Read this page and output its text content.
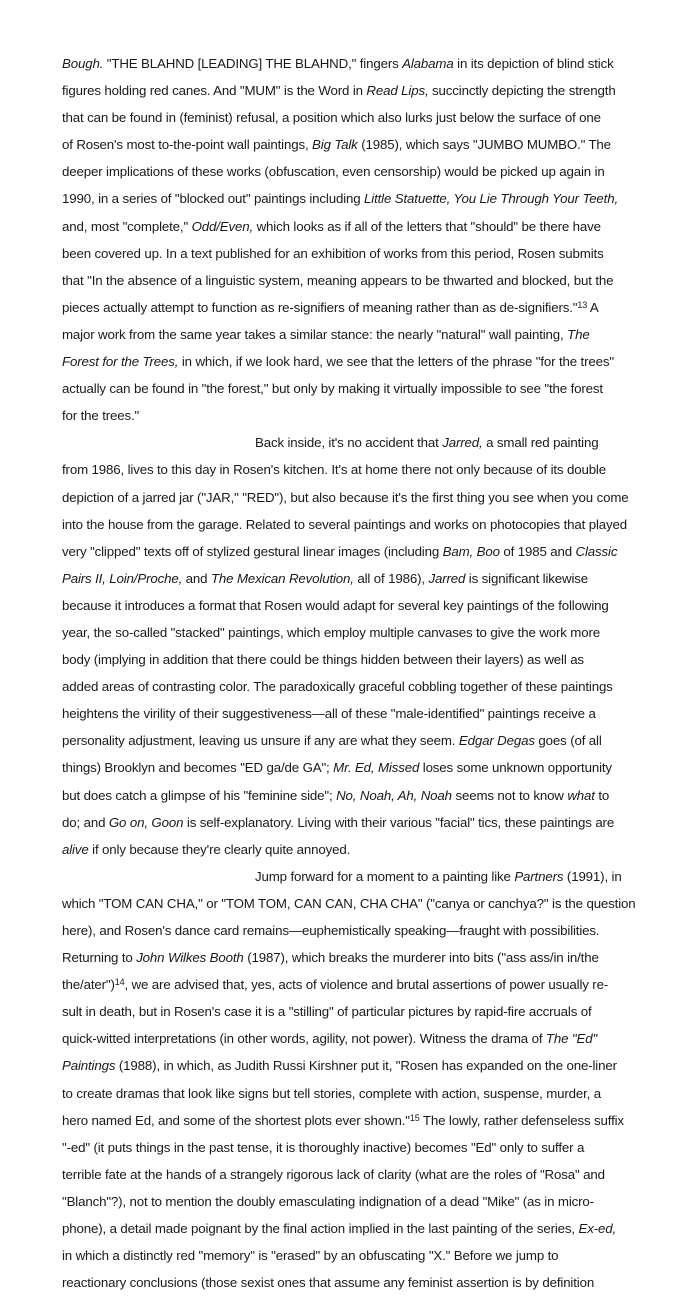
Bough. "THE BLAHND [LEADING] THE BLAHND," fingers Alabama in its depiction of blind stick
figures holding red canes. And "MUM" is the Word in Read Lips, succinctly depicting the strength
that can be found in (feminist) refusal, a position which also lurks just below the surface of one
of Rosen's most to-the-point wall paintings, Big Talk (1985), which says "JUMBO MUMBO." The
deeper implications of these works (obfuscation, even censorship) would be picked up again in
1990, in a series of "blocked out" paintings including Little Statuette, You Lie Through Your Teeth,
and, most "complete," Odd/Even, which looks as if all of the letters that "should" be there have
been covered up. In a text published for an exhibition of works from this period, Rosen submits
that "In the absence of a linguistic system, meaning appears to be thwarted and blocked, but the
pieces actually attempt to function as re-signifiers of meaning rather than as de-signifiers."$^{13}$ A
major work from the same year takes a similar stance: the nearly "natural" wall painting, The
Forest for the Trees, in which, if we look hard, we see that the letters of the phrase "for the trees"
actually can be found in "the forest," but only by making it virtually impossible to see "the forest
for the trees."
Back inside, it's no accident that Jarred, a small red painting
from 1986, lives to this day in Rosen's kitchen. It's at home there not only because of its double
depiction of a jarred jar ("JAR," "RED"), but also because it's the first thing you see when you come
into the house from the garage. Related to several paintings and works on photocopies that played
very "clipped" texts off of stylized gestural linear images (including Bam, Boo of 1985 and Classic
Pairs II, Loin/Proche, and The Mexican Revolution, all of 1986), Jarred is significant likewise
because it introduces a format that Rosen would adapt for several key paintings of the following
year, the so-called "stacked" paintings, which employ multiple canvases to give the work more
body (implying in addition that there could be things hidden between their layers) as well as
added areas of contrasting color. The paradoxically graceful cobbling together of these paintings
heightens the virility of their suggestiveness—all of these "male-identified" paintings receive a
personality adjustment, leaving us unsure if any are what they seem. Edgar Degas goes (of all
things) Brooklyn and becomes "ED ga/de GA"; Mr. Ed, Missed loses some unknown opportunity
but does catch a glimpse of his "feminine side"; No, Noah, Ah, Noah seems not to know what to
do; and Go on, Goon is self-explanatory. Living with their various "facial" tics, these paintings are
alive if only because they're clearly quite annoyed.
Jump forward for a moment to a painting like Partners (1991), in
which "TOM CAN CHA," or "TOM TOM, CAN CAN, CHA CHA" ("canya or canchya?" is the question
here), and Rosen's dance card remains—euphemistically speaking—fraught with possibilities.
Returning to John Wilkes Booth (1987), which breaks the murderer into bits ("ass ass/in in/the
the/ater")$^{14}$, we are advised that, yes, acts of violence and brutal assertions of power usually re-
sult in death, but in Rosen's case it is a "stilling" of particular pictures by rapid-fire accruals of
quick-witted interpretations (in other words, agility, not power). Witness the drama of The "Ed"
Paintings (1988), in which, as Judith Russi Kirshner put it, "Rosen has expanded on the one-liner
to create dramas that look like signs but tell stories, complete with action, suspense, murder, a
hero named Ed, and some of the shortest plots ever shown."$^{15}$ The lowly, rather defenseless suffix
"-ed" (it puts things in the past tense, it is thoroughly inactive) becomes "Ed" only to suffer a
terrible fate at the hands of a strangely rigorous lack of clarity (what are the roles of "Rosa" and
"Blanch"?), not to mention the doubly emasculating indignation of a dead "Mike" (as in micro-
phone), a detail made poignant by the final action implied in the last painting of the series, Ex-ed,
in which a distinctly red "memory" is "erased" by an obfuscating "X." Before we jump to
reactionary conclusions (those sexist ones that assume any feminist assertion is by definition
